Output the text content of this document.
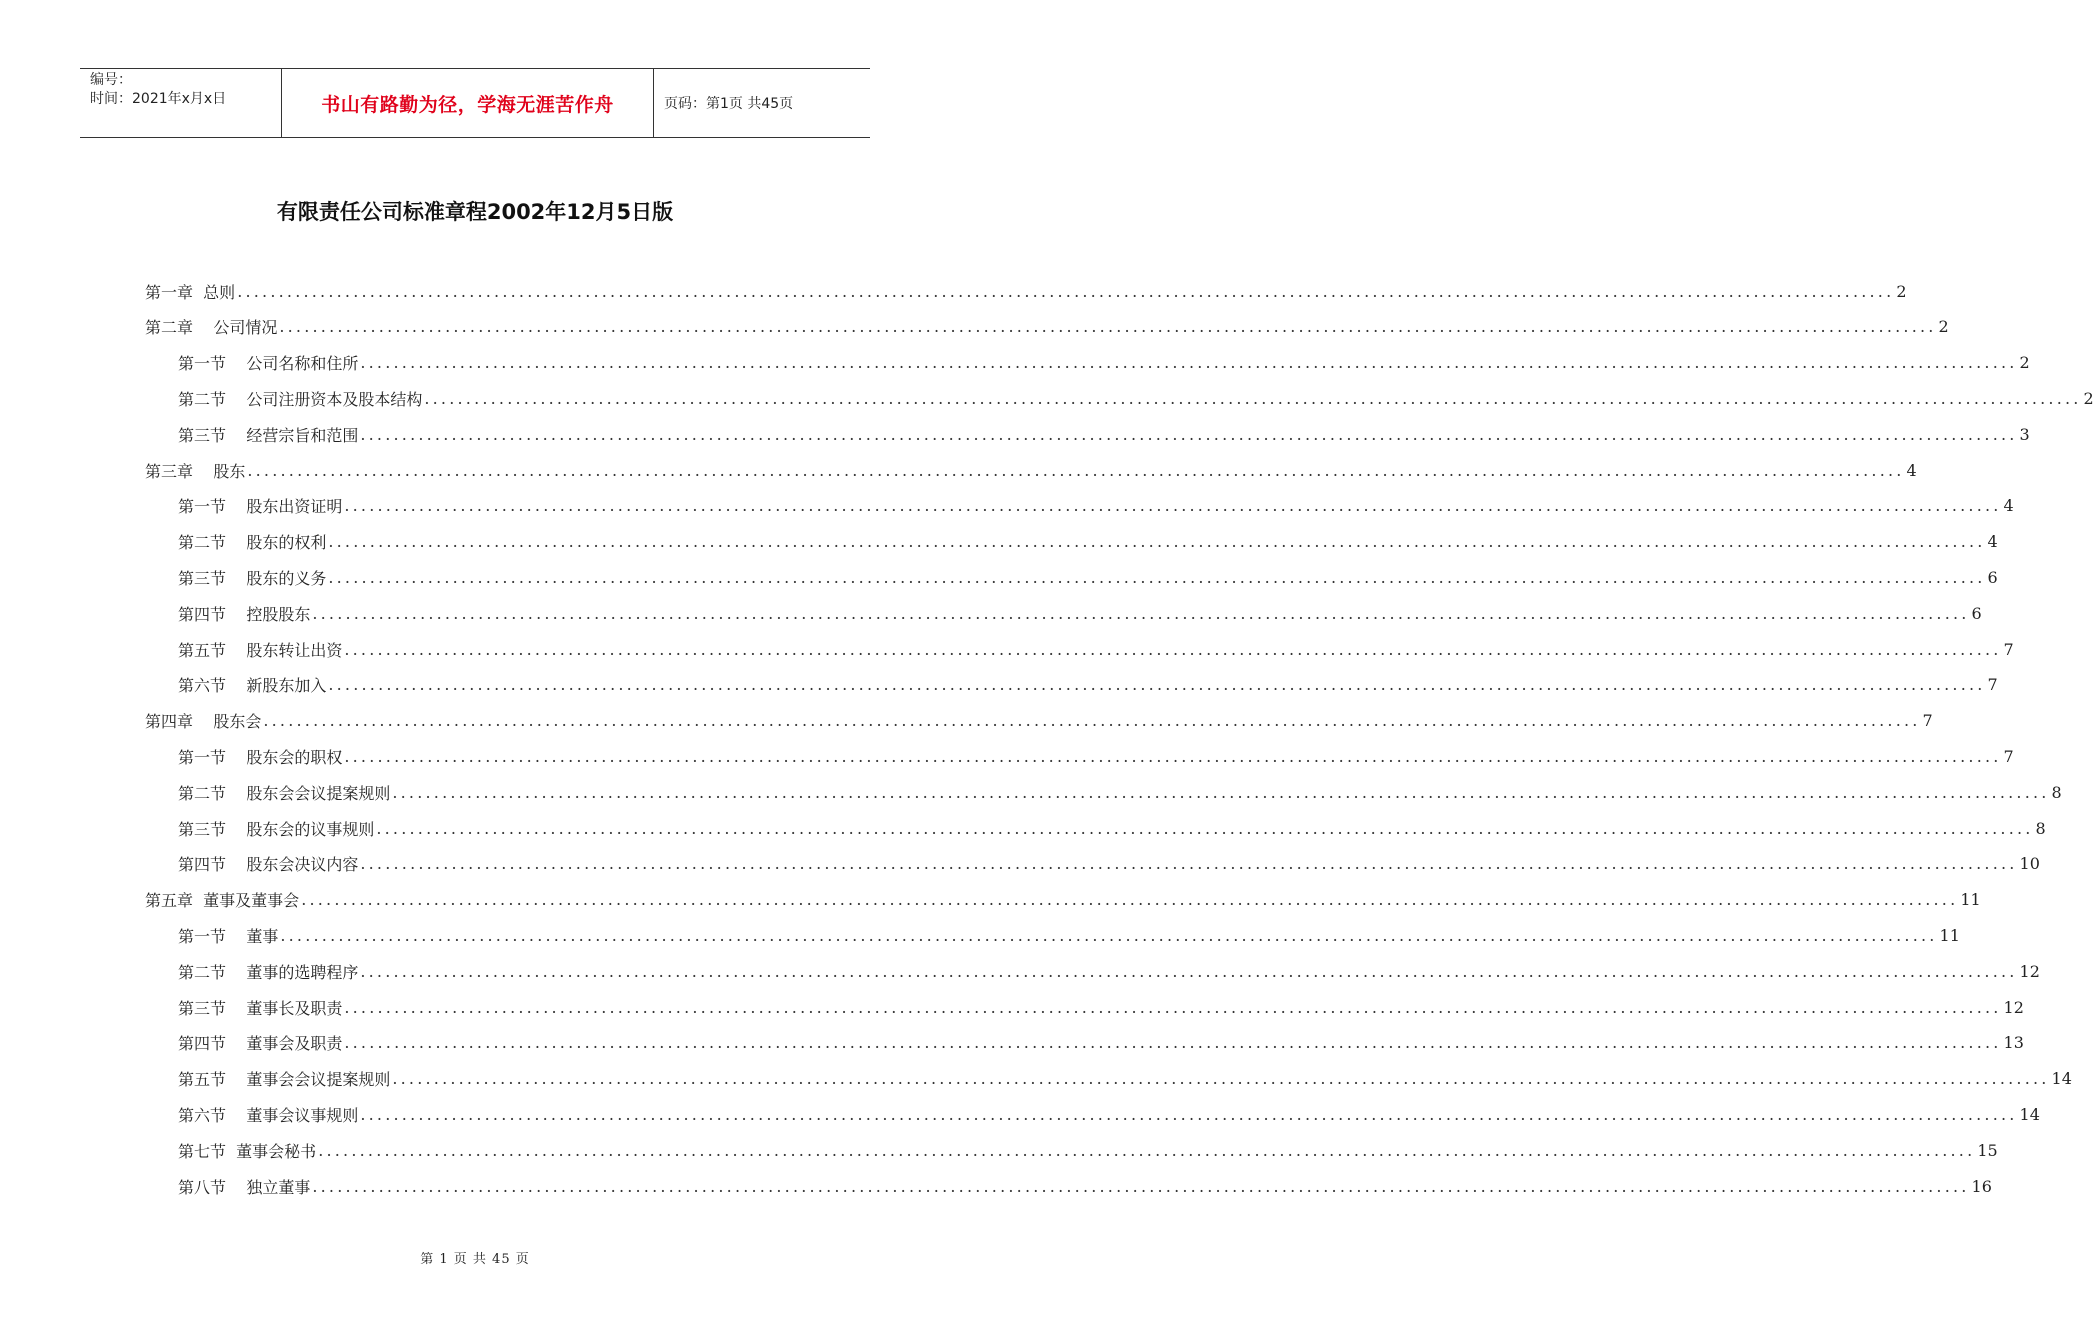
编号：
时间：2021年x月x日	书山有路勤为径，学海无涯苦作舟	页码：第1页 共45页
有限责任公司标准章程2002年12月5日版
第一章  总则 ........................................................................................................................................................................................................ 2
第二章    公司情况 ........................................................................................................................................................................................................ 2
第一节    公司名称和住所 ........................................................................................................................................................................................................ 2
第二节    公司注册资本及股本结构 ........................................................................................................................................................................................................ 2
第三节    经营宗旨和范围 ........................................................................................................................................................................................................ 3
第三章    股东 ........................................................................................................................................................................................................ 4
第一节    股东出资证明 ........................................................................................................................................................................................................ 4
第二节    股东的权利 ........................................................................................................................................................................................................ 4
第三节    股东的义务 ........................................................................................................................................................................................................ 6
第四节    控股股东 ........................................................................................................................................................................................................ 6
第五节    股东转让出资 ........................................................................................................................................................................................................ 7
第六节    新股东加入 ........................................................................................................................................................................................................ 7
第四章    股东会 ........................................................................................................................................................................................................ 7
第一节    股东会的职权 ........................................................................................................................................................................................................ 7
第二节    股东会会议提案规则 ........................................................................................................................................................................................................ 8
第三节    股东会的议事规则 ........................................................................................................................................................................................................ 8
第四节    股东会决议内容 ........................................................................................................................................................................................................ 10
第五章  董事及董事会 ........................................................................................................................................................................................................ 11
第一节    董事 ........................................................................................................................................................................................................ 11
第二节    董事的选聘程序 ........................................................................................................................................................................................................ 12
第三节    董事长及职责 ........................................................................................................................................................................................................ 12
第四节    董事会及职责 ........................................................................................................................................................................................................ 13
第五节    董事会会议提案规则 ........................................................................................................................................................................................................ 14
第六节    董事会议事规则 ........................................................................................................................................................................................................ 14
第七节  董事会秘书 ........................................................................................................................................................................................................ 15
第八节    独立董事 ........................................................................................................................................................................................................ 16
第 1 页 共 45 页
